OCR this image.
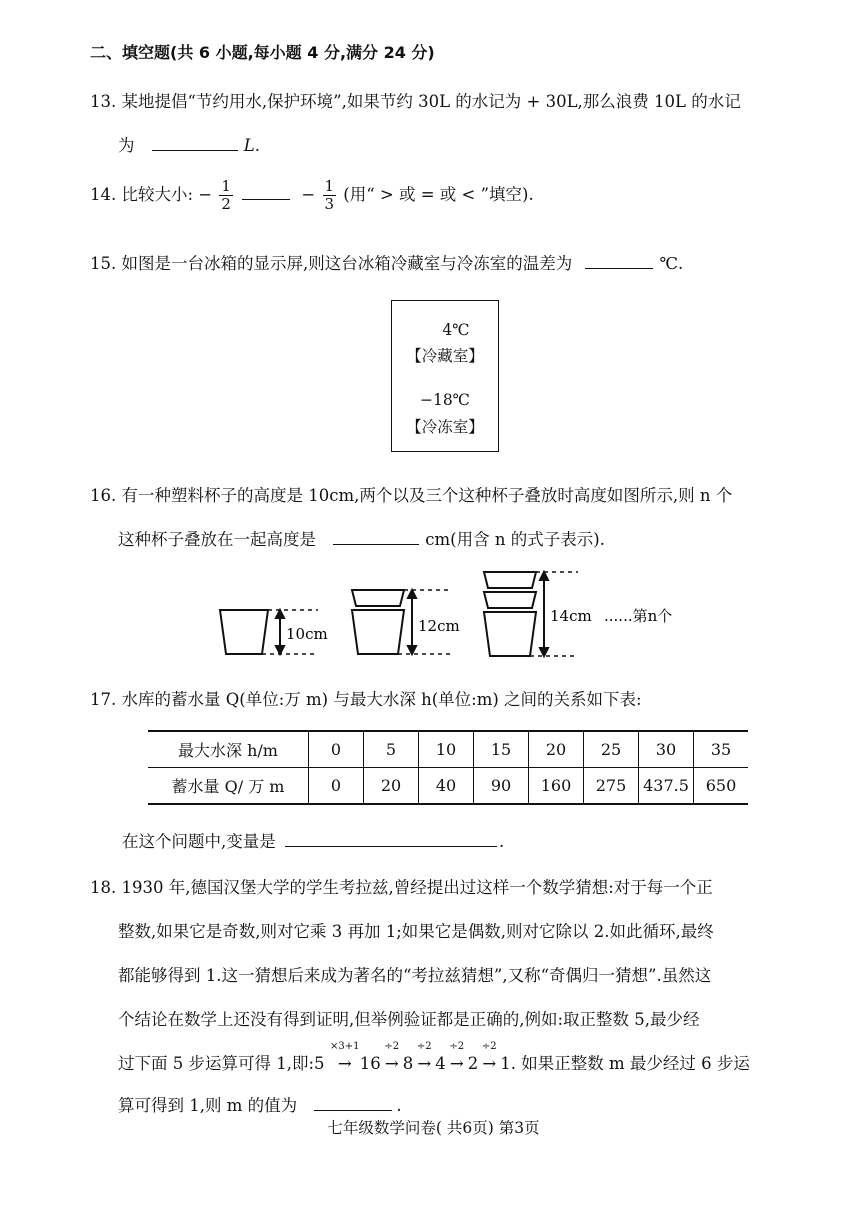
二、填空题(共 6 小题,每小题 4 分,满分 24 分)
13. 某地提倡“节约用水,保护环境”,如果节约 30L 的水记为 + 30L,那么浪费 10L 的水记
为	L.
14. 比较大小: − $\frac{1}{2}$	− $\frac{1}{3}$ (用“ > 或 = 或 < ”填空).
15. 如图是一台冰箱的显示屏,则这台冰箱冷藏室与冷冻室的温差为	℃.
4℃
【冷藏室】
−18℃
【冷冻室】
16. 有一种塑料杯子的高度是 10cm,两个以及三个这种杯子叠放时高度如图所示,则 n 个
这种杯子叠放在一起高度是	cm(用含 n 的式子表示).
10cm	12cm
14cm ......第n个
17. 水库的蓄水量 Q(单位:万 m) 与最大水深 h(单位:m) 之间的关系如下表:
最大水深 h/m	0	5	10	15	20	25	30	35
蓄水量 Q/ 万 m	0	20	40	90	160	275	437.5	650
在这个问题中,变量是	.
18. 1930 年,德国汉堡大学的学生考拉兹,曾经提出过这样一个数学猜想:对于每一个正
整数,如果它是奇数,则对它乘 3 再加 1;如果它是偶数,则对它除以 2.如此循环,最终
都能够得到 1.这一猜想后来成为著名的“考拉兹猜想”,又称“奇偶归一猜想”.虽然这
个结论在数学上还没有得到证明,但举例验证都是正确的,例如:取正整数 5,最少经
过下面 5 步运算可得 1,即:5
×3+1
→ 16
÷2
→ 8
÷2
→ 4
÷2
→ 2
÷2
→ 1. 如果正整数 m 最少经过 6 步运
算可得到 1,则 m 的值为	.
七年级数学问卷( 共6页) 第3页
